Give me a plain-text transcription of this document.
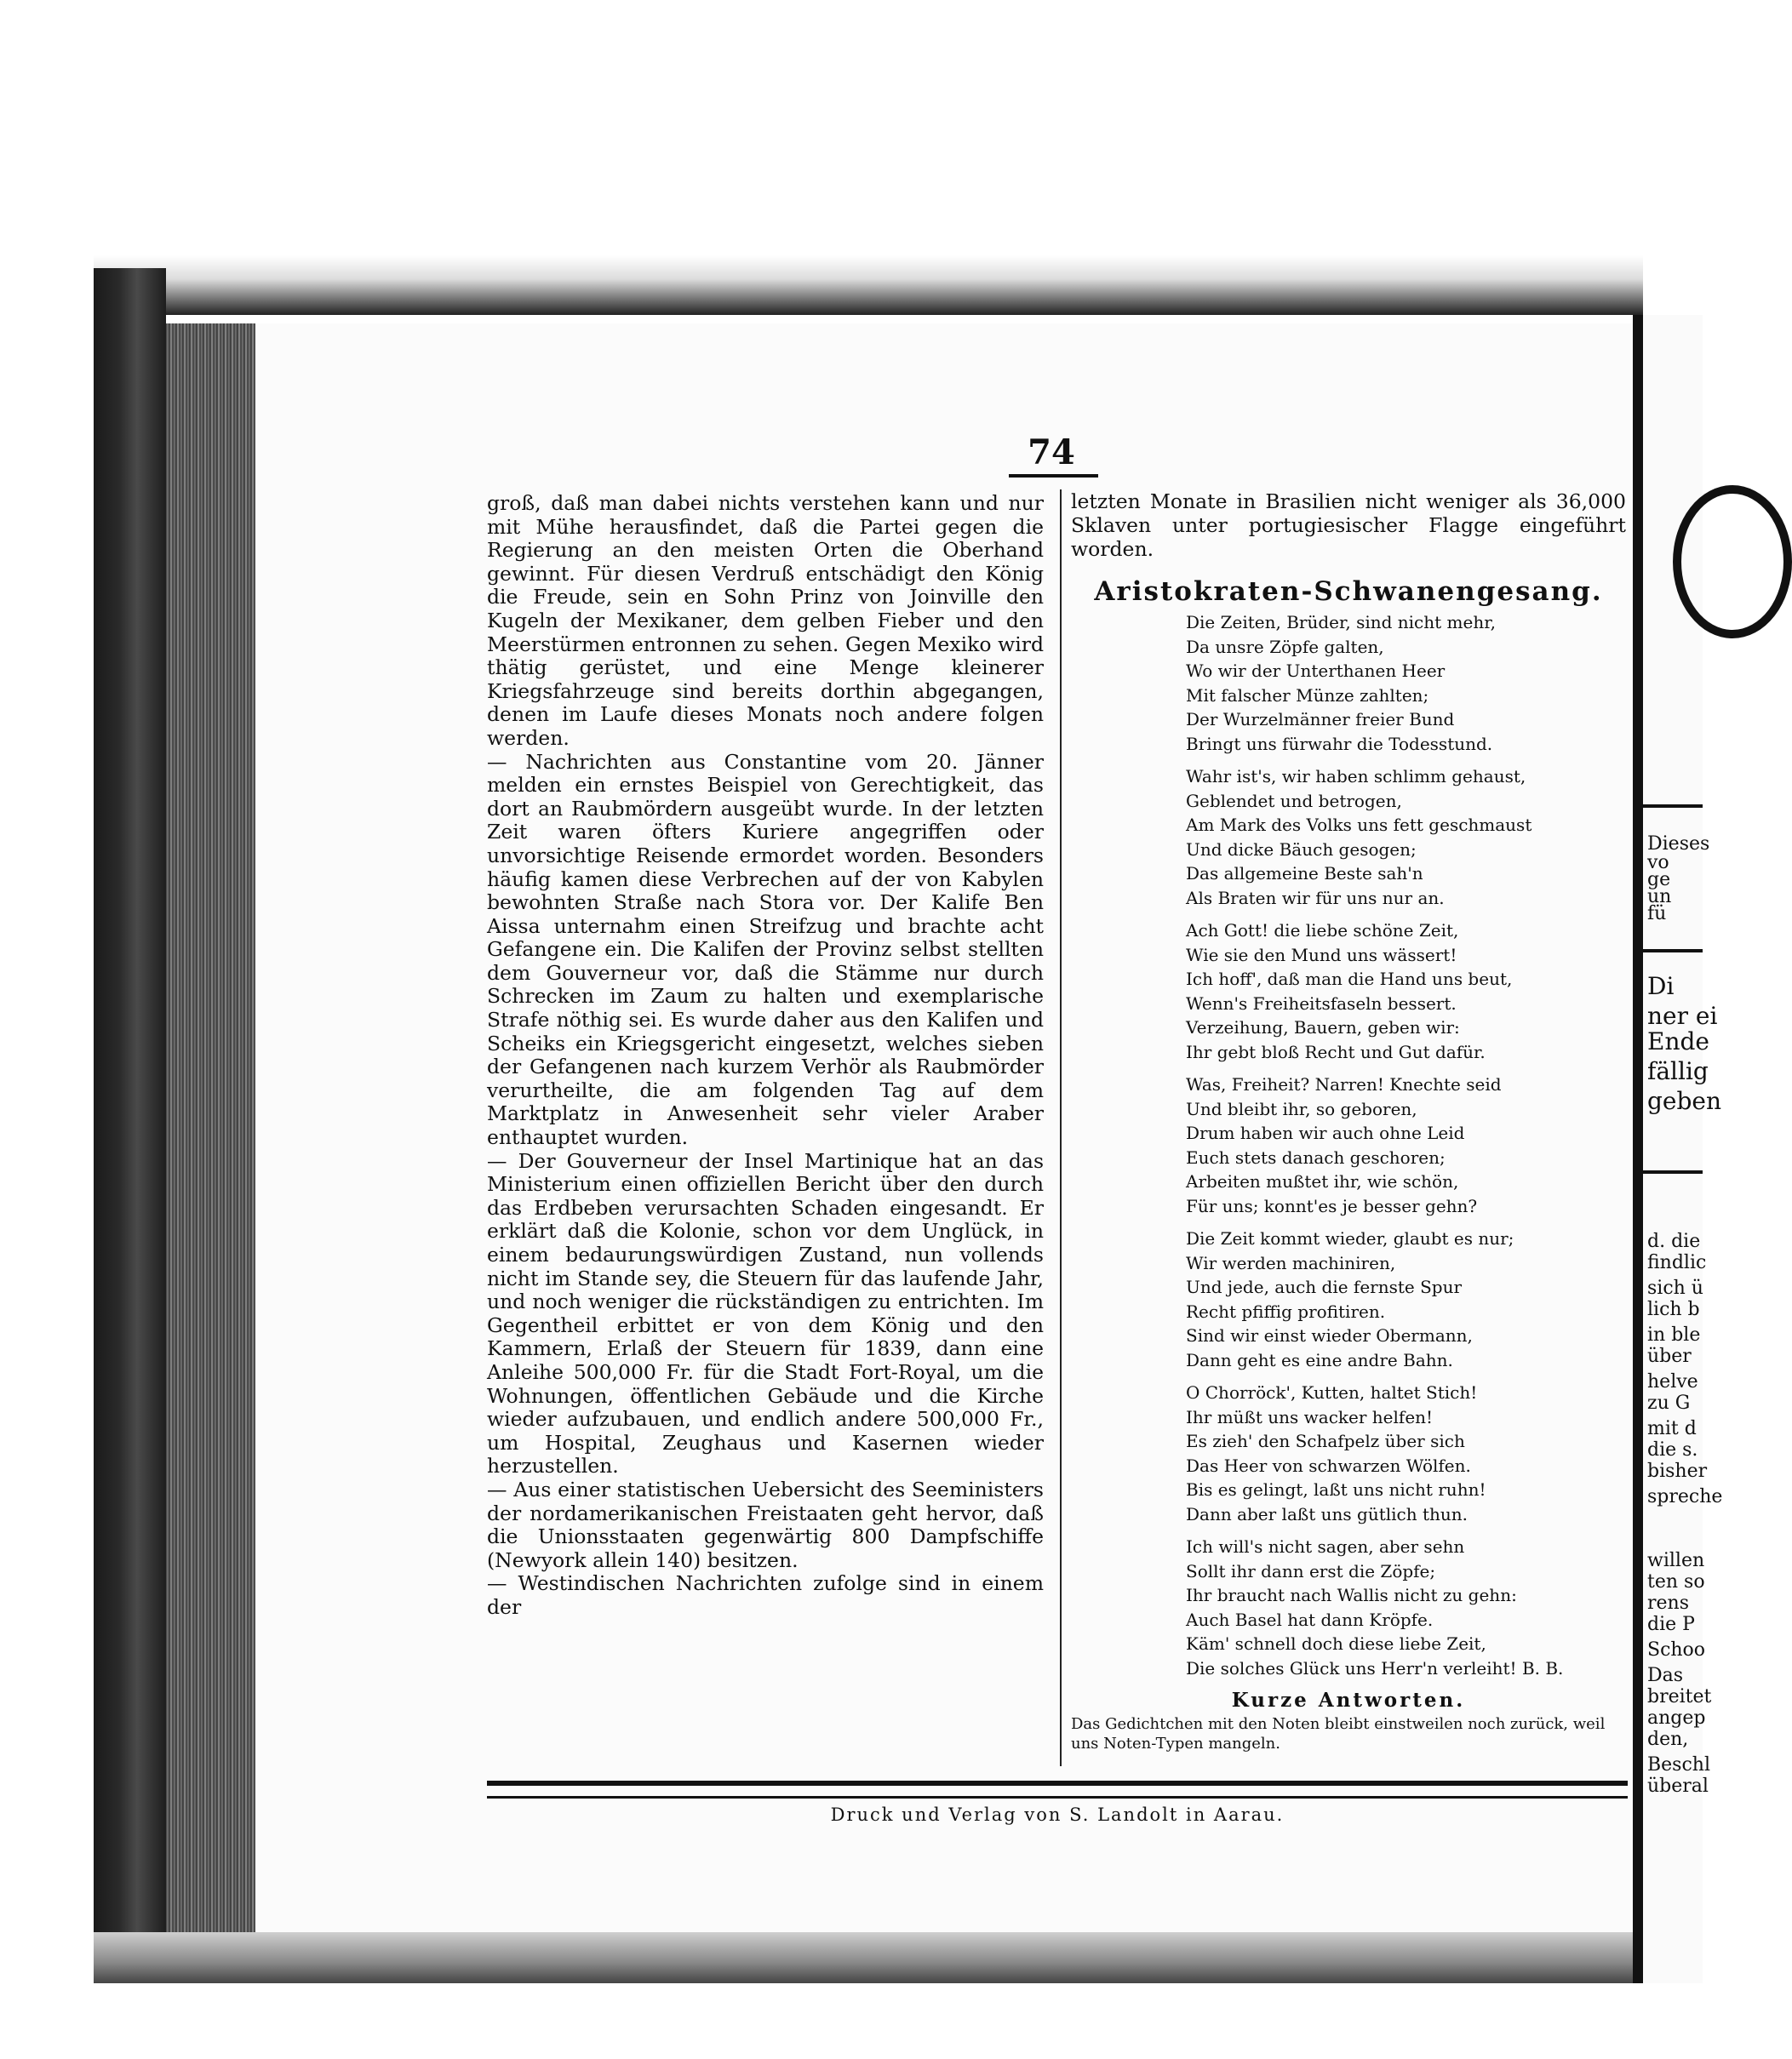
74

groß, daß man dabei nichts verstehen kann und nur mit Mühe herausfindet, daß die Partei gegen die Regierung an den meisten Orten die Oberhand gewinnt. Für diesen Verdruß entschädigt den König die Freude, sein en Sohn Prinz von Joinville den Kugeln der Mexikaner, dem gelben Fieber und den Meerstürmen entronnen zu sehen. Gegen Mexiko wird thätig gerüstet, und eine Menge kleinerer Kriegsfahrzeuge sind bereits dorthin abgegangen, denen im Laufe dieses Monats noch andere folgen werden.

— Nachrichten aus Constantine vom 20. Jänner melden ein ernstes Beispiel von Gerechtigkeit, das dort an Raubmördern ausgeübt wurde. In der letzten Zeit waren öfters Kuriere angegriffen oder unvorsichtige Reisende ermordet worden. Besonders häufig kamen diese Verbrechen auf der von Kabylen bewohnten Straße nach Stora vor. Der Kalife Ben Aissa unternahm einen Streifzug und brachte acht Gefangene ein. Die Kalifen der Provinz selbst stellten dem Gouverneur vor, daß die Stämme nur durch Schrecken im Zaum zu halten und exemplarische Strafe nöthig sei. Es wurde daher aus den Kalifen und Scheiks ein Kriegsgericht eingesetzt, welches sieben der Gefangenen nach kurzem Verhör als Raubmörder verurtheilte, die am folgenden Tag auf dem Marktplatz in Anwesenheit sehr vieler Araber enthauptet wurden.

— Der Gouverneur der Insel Martinique hat an das Ministerium einen offiziellen Bericht über den durch das Erdbeben verursachten Schaden eingesandt. Er erklärt daß die Kolonie, schon vor dem Unglück, in einem bedaurungswürdigen Zustand, nun vollends nicht im Stande sey, die Steuern für das laufende Jahr, und noch weniger die rückständigen zu entrichten. Im Gegentheil erbittet er von dem König und den Kammern, Erlaß der Steuern für 1839, dann eine Anleihe 500,000 Fr. für die Stadt Fort-Royal, um die Wohnungen, öffentlichen Gebäude und die Kirche wieder aufzubauen, und endlich andere 500,000 Fr., um Hospital, Zeughaus und Kasernen wieder herzustellen.

— Aus einer statistischen Uebersicht des Seeministers der nordamerikanischen Freistaaten geht hervor, daß die Unionsstaaten gegenwärtig 800 Dampfschiffe (Newyork allein 140) besitzen.

— Westindischen Nachrichten zufolge sind in einem der

letzten Monate in Brasilien nicht weniger als 36,000 Sklaven unter portugiesischer Flagge eingeführt worden.

Aristokraten-Schwanengesang.
Die Zeiten, Brüder, sind nicht mehr,
Da unsre Zöpfe galten,
Wo wir der Unterthanen Heer
Mit falscher Münze zahlten;
Der Wurzelmänner freier Bund
Bringt uns fürwahr die Todesstund.
Wahr ist's, wir haben schlimm gehaust,
Geblendet und betrogen,
Am Mark des Volks uns fett geschmaust
Und dicke Bäuch gesogen;
Das allgemeine Beste sah'n
Als Braten wir für uns nur an.
Ach Gott! die liebe schöne Zeit,
Wie sie den Mund uns wässert!
Ich hoff', daß man die Hand uns beut,
Wenn's Freiheitsfaseln bessert.
Verzeihung, Bauern, geben wir:
Ihr gebt bloß Recht und Gut dafür.
Was, Freiheit? Narren! Knechte seid
Und bleibt ihr, so geboren,
Drum haben wir auch ohne Leid
Euch stets danach geschoren;
Arbeiten mußtet ihr, wie schön,
Für uns; konnt'es je besser gehn?
Die Zeit kommt wieder, glaubt es nur;
Wir werden machiniren,
Und jede, auch die fernste Spur
Recht pfiffig profitiren.
Sind wir einst wieder Obermann,
Dann geht es eine andre Bahn.
O Chorröck', Kutten, haltet Stich!
Ihr müßt uns wacker helfen!
Es zieh' den Schafpelz über sich
Das Heer von schwarzen Wölfen.
Bis es gelingt, laßt uns nicht ruhn!
Dann aber laßt uns gütlich thun.
Ich will's nicht sagen, aber sehn
Sollt ihr dann erst die Zöpfe;
Ihr braucht nach Wallis nicht zu gehn:
Auch Basel hat dann Kröpfe.
Käm' schnell doch diese liebe Zeit,
Die solches Glück uns Herr'n verleiht! B. B.
Kurze Antworten.
Das Gedichtchen mit den Noten bleibt einstweilen noch zurück, weil uns Noten-Typen mangeln.
Druck und Verlag von S. Landolt in Aarau.
Dieses
vo
ge
un
fü
Di
ner ei
Ende
fällig
geben
d. die
findlic
sich ü
lich b
in ble
über
helve
zu G
mit d
die s.
bisher
spreche
willen
ten so
rens
die P
Schoo
Das
breitet
angep
den,
Beschl
überal
